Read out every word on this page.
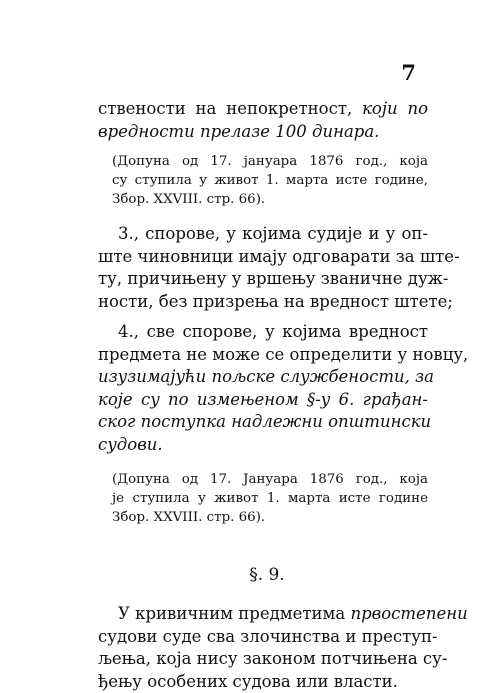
7
ствености на непокретност, који по
вредности прелазе 100 динара.
(Допуна од 17. јануара 1876 год., која
су ступила у живот 1. марта исте године,
Збор. XXVIII. стр. 66).
3., спорове, у којима судије и у оп-
ште чиновници имају одговарати за ште-
ту, причињену у вршењу званичне дуж-
ности, без призрења на вредност штете;
4., све спорове, у којима вредност
предмета не може се определити у новцу,
изузимајући пољске службености, за
које су по измењеном §-у 6. грађан-
ског поступка надлежни општински
судови.
(Допуна од 17. Јануара 1876 год., која
је ступила у живот 1. марта исте године
Збор. XXVIII. стр. 66).
§. 9.
У кривичним предметима првостепени
судови суде сва злочинства и преступ-
љења, која нису законом потчињена су-
ђењу особених судова или власти.
